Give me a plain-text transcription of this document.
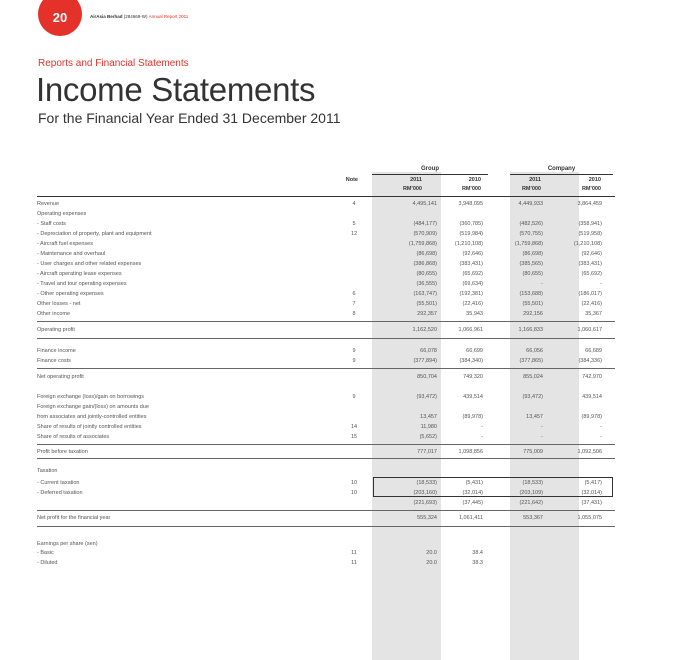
20	AirAsia Berhad (284669-W) Annual Report 2011
Reports and Financial Statements
Income Statements
For the Financial Year Ended 31 December 2011
Group	Company
Note	2011	2010	2011	2010
RM'000	RM'000	RM'000	RM'000
Revenue	4	4,495,141	3,948,095	4,449,933	3,864,459
Operating expenses
- Staff costs	5	(484,177)	(360,785)	(482,526)	(358,941)
- Depreciation of property, plant and equipment	12	(570,909)	(519,984)	(570,755)	(519,958)
- Aircraft fuel expenses	(1,759,868)	(1,210,108)	(1,759,868)	(1,210,108)
- Maintenance and overhaul	(86,698)	(92,646)	(86,698)	(92,646)
- User charges and other related expenses	(386,868)	(383,431)	(385,565)	(383,431)
- Aircraft operating lease expenses	(80,655)	(65,692)	(80,655)	(65,692)
- Travel and tour operating expenses	(36,555)	(69,634)	-	-
- Other operating expenses	6	(163,747)	(192,381)	(153,688)	(186,017)
Other losses - net	7	(55,501)	(22,416)	(55,501)	(22,416)
Other income	8	292,357	35,943	292,156	35,367
Operating profit	1,162,520	1,066,961	1,166,833	1,060,617
Finance income	9	66,078	66,699	66,056	66,689
Finance costs	9	(377,894)	(384,340)	(377,865)	(384,336)
Net operating profit	850,704	749,320	855,024	742,970
Foreign exchange (loss)/gain on borrowings	9	(93,472)	439,514	(93,472)	439,514
Foreign exchange gain/(loss) on amounts due
from associates and jointly-controlled entities	13,457	(89,978)	13,457	(89,978)
Share of results of jointly controlled entities	14	11,980	-	-	-
Share of results of associates	15	(5,652)	-	-	-
Profit before taxation	777,017	1,098,856	775,009	1,092,506
Taxation
- Current taxation	10	(18,533)	(5,431)	(18,533)	(5,417)
- Deferred taxation	10	(203,160)	(32,014)	(203,109)	(32,014)
(221,693)	(37,445)	(221,642)	(37,431)
Net profit for the financial year	555,324	1,061,411	553,367	1,055,075
Earnings per share (sen)
- Basic	11	20.0	38.4
- Diluted	11	20.0	38.3
